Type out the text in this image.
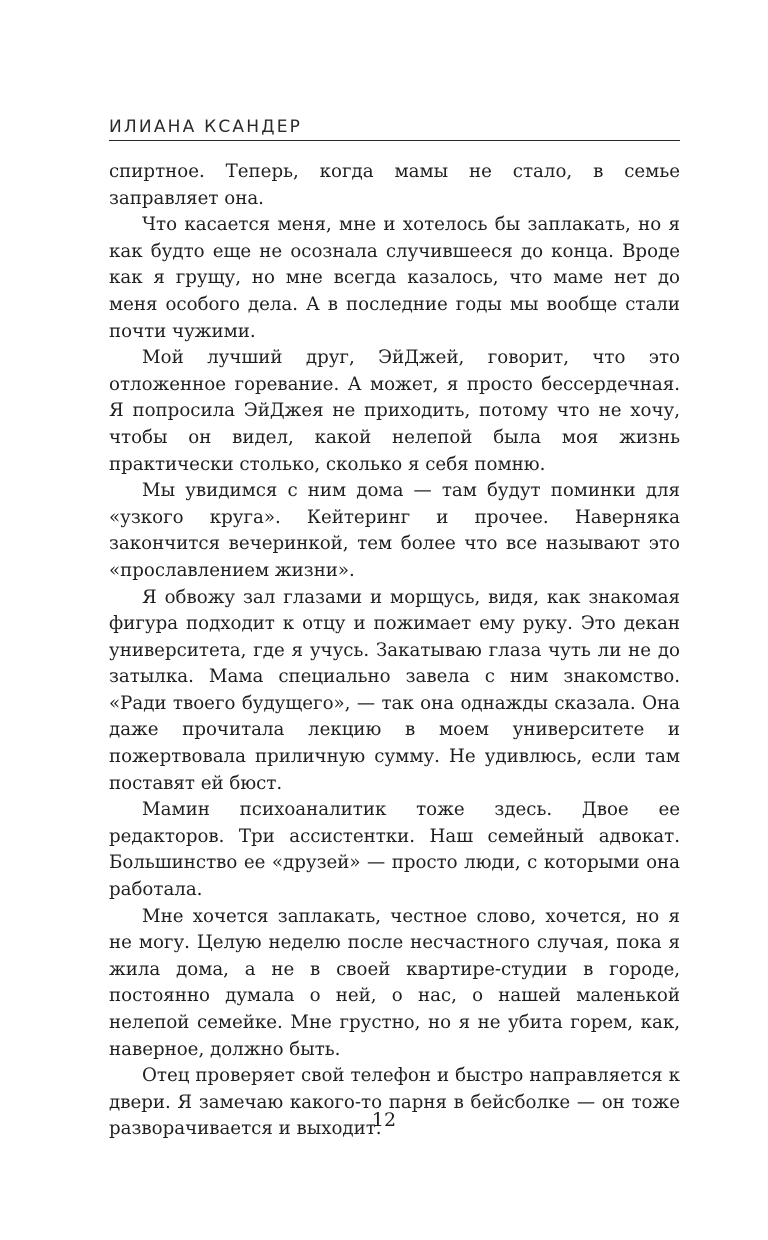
ИЛИАНА КСАНДЕР

спиртное. Теперь, когда мамы не стало, в семье заправляет она.

Что касается меня, мне и хотелось бы заплакать, но я как будто еще не осознала случившееся до конца. Вроде как я грущу, но мне всегда казалось, что маме нет до меня особого дела. А в последние годы мы вообще стали почти чужими.

Мой лучший друг, ЭйДжей, говорит, что это отложенное горевание. А может, я просто бессердечная. Я попросила ЭйДжея не приходить, потому что не хочу, чтобы он видел, какой нелепой была моя жизнь практически столько, сколько я себя помню.

Мы увидимся с ним дома — там будут поминки для «узкого круга». Кейтеринг и прочее. Наверняка закончится вечеринкой, тем более что все называют это «прославлением жизни».

Я обвожу зал глазами и морщусь, видя, как знакомая фигура подходит к отцу и пожимает ему руку. Это декан университета, где я учусь. Закатываю глаза чуть ли не до затылка. Мама специально завела с ним знакомство. «Ради твоего будущего», — так она однажды сказала. Она даже прочитала лекцию в моем университете и пожертвовала приличную сумму. Не удивлюсь, если там поставят ей бюст.

Мамин психоаналитик тоже здесь. Двое ее редакторов. Три ассистентки. Наш семейный адвокат. Большинство ее «друзей» — просто люди, с которыми она работала.

Мне хочется заплакать, честное слово, хочется, но я не могу. Целую неделю после несчастного случая, пока я жила дома, а не в своей квартире-студии в городе, постоянно думала о ней, о нас, о нашей маленькой нелепой семейке. Мне грустно, но я не убита горем, как, наверное, должно быть.

Отец проверяет свой телефон и быстро направляется к двери. Я замечаю какого-то парня в бейсболке — он тоже разворачивается и выходит.

12
